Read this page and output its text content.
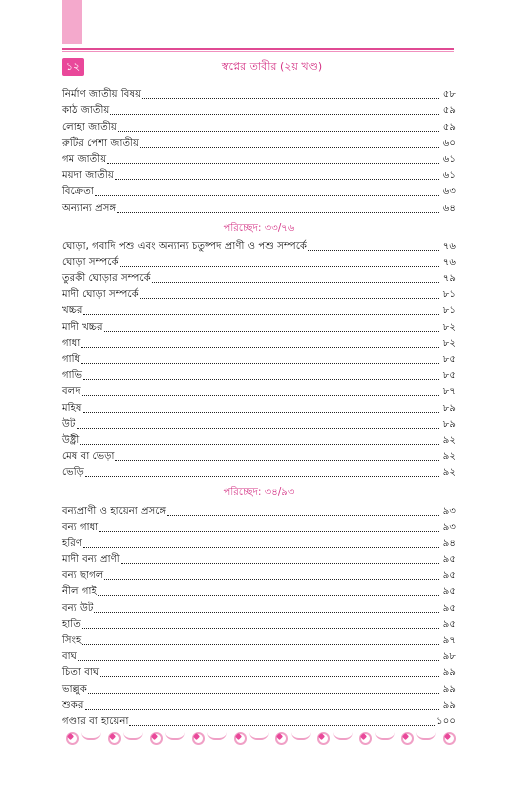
১২	স্বপ্নের তাবীর (২য় খণ্ড)
নির্মাণ জাতীয় বিষয়	৫৮
কাঠ জাতীয়	৫৯
লোহা জাতীয়	৫৯
রুটির পেশা জাতীয়	৬০
গম জাতীয়	৬১
ময়দা জাতীয়	৬১
বিক্রেতা	৬৩
অন্যান্য প্রসঙ্গ	৬৪
পরিচ্ছেদ: ৩৩/৭৬
ঘোড়া, গবাদি পশু এবং অন্যান্য চতুষ্পদ প্রাণী ও পশু সম্পর্কে	৭৬
ঘোড়া সম্পর্কে	৭৬
তুরকী ঘোড়ার সম্পর্কে	৭৯
মাদী ঘোড়া সম্পর্কে	৮১
খচ্চর	৮১
মাদী খচ্চর	৮২
গাধা	৮২
গাধি	৮৫
গাভি	৮৫
বলদ	৮৭
মহিষ	৮৯
উট	৮৯
উষ্ট্রী	৯২
মেষ বা ভেড়া	৯২
ভেড়ি	৯২
পরিচ্ছেদ: ৩৪/৯৩
বন্যপ্রাণী ও হায়েনা প্রসঙ্গে	৯৩
বন্য গাধা	৯৩
হরিণ	৯৪
মাদী বন্য প্রাণী	৯৫
বন্য ছাগল	৯৫
নীল গাই	৯৫
বন্য উট	৯৫
হাতি	৯৫
সিংহ	৯৭
বাঘ	৯৮
চিতা বাঘ	৯৯
ভাল্লুক	৯৯
শুকর	৯৯
গণ্ডার বা হায়েনা	১০০
